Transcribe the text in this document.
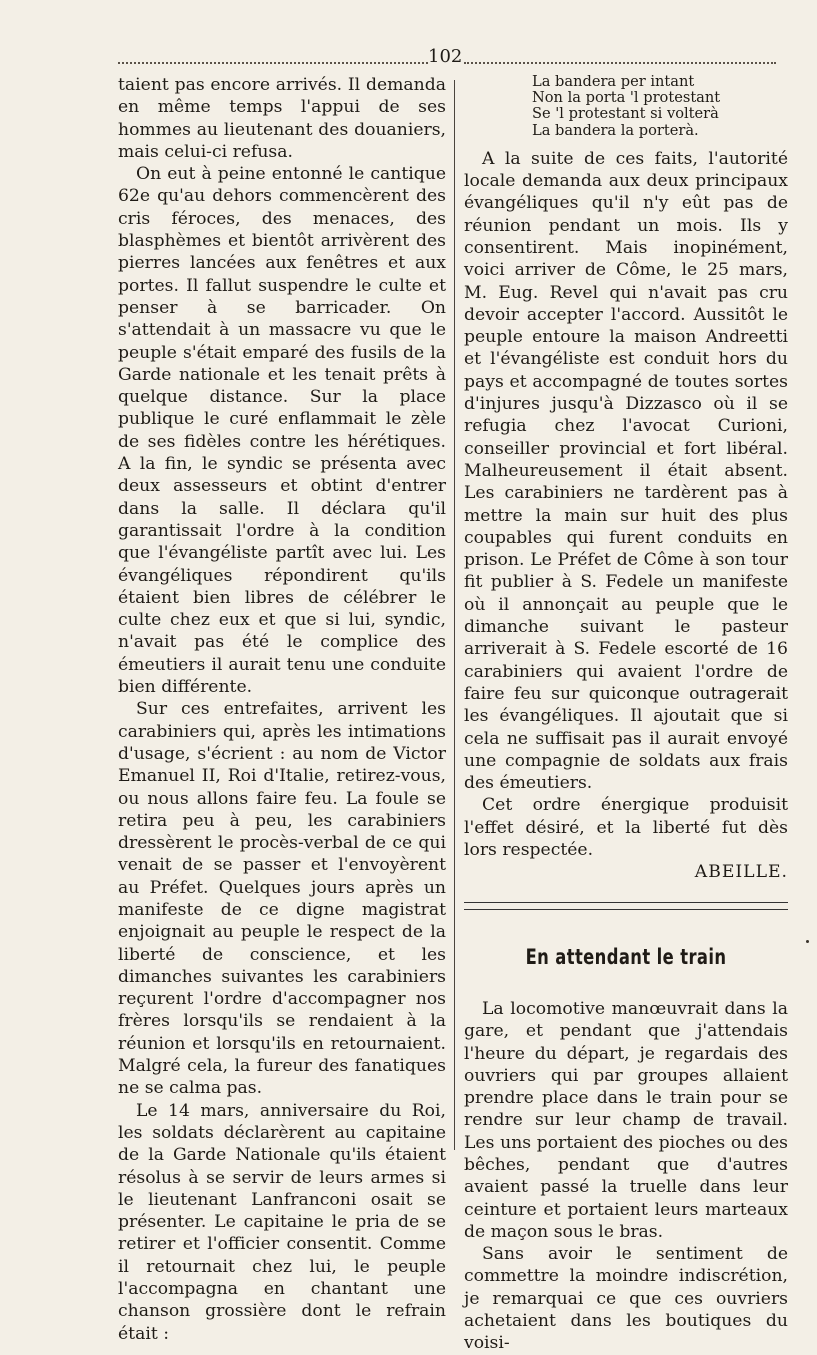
102

taient pas encore arrivés. Il demanda en même temps l'appui de ses hommes au lieutenant des douaniers, mais celui-ci refusa.

On eut à peine entonné le cantique 62e qu'au dehors commencèrent des cris féroces, des menaces, des blasphèmes et bientôt arrivèrent des pierres lancées aux fenêtres et aux portes. Il fallut suspendre le culte et penser à se barricader. On s'attendait à un massacre vu que le peuple s'était emparé des fusils de la Garde nationale et les tenait prêts à quelque distance. Sur la place publique le curé enflammait le zèle de ses fidèles contre les hérétiques. A la fin, le syndic se présenta avec deux assesseurs et obtint d'entrer dans la salle. Il déclara qu'il garantissait l'ordre à la condition que l'évangéliste partît avec lui. Les évangéliques répondirent qu'ils étaient bien libres de célébrer le culte chez eux et que si lui, syndic, n'avait pas été le complice des émeutiers il aurait tenu une conduite bien différente.

Sur ces entrefaites, arrivent les carabiniers qui, après les intimations d'usage, s'écrient : au nom de Victor Emanuel II, Roi d'Italie, retirez-vous, ou nous allons faire feu. La foule se retira peu à peu, les carabiniers dressèrent le procès-verbal de ce qui venait de se passer et l'envoyèrent au Préfet. Quelques jours après un manifeste de ce digne magistrat enjoignait au peuple le respect de la liberté de conscience, et les dimanches suivantes les carabiniers reçurent l'ordre d'accompagner nos frères lorsqu'ils se rendaient à la réunion et lorsqu'ils en retournaient. Malgré cela, la fureur des fanatiques ne se calma pas.

Le 14 mars, anniversaire du Roi, les soldats déclarèrent au capitaine de la Garde Nationale qu'ils étaient résolus à se servir de leurs armes si le lieutenant Lanfranconi osait se présenter. Le capitaine le pria de se retirer et l'officier consentit. Comme il retournait chez lui, le peuple l'accompagna en chantant une chanson grossière dont le refrain était :

La bandera per intant
Non la porta 'l protestant
Se 'l protestant si volterà
La bandera la porterà.

A la suite de ces faits, l'autorité locale demanda aux deux principaux évangéliques qu'il n'y eût pas de réunion pendant un mois. Ils y consentirent. Mais inopinément, voici arriver de Côme, le 25 mars, M. Eug. Revel qui n'avait pas cru devoir accepter l'accord. Aussitôt le peuple entoure la maison Andreetti et l'évangéliste est conduit hors du pays et accompagné de toutes sortes d'injures jusqu'à Dizzasco où il se refugia chez l'avocat Curioni, conseiller provincial et fort libéral. Malheureusement il était absent. Les carabiniers ne tardèrent pas à mettre la main sur huit des plus coupables qui furent conduits en prison. Le Préfet de Côme à son tour fit publier à S. Fedele un manifeste où il annonçait au peuple que le dimanche suivant le pasteur arriverait à S. Fedele escorté de 16 carabiniers qui avaient l'ordre de faire feu sur quiconque outragerait les évangéliques. Il ajoutait que si cela ne suffisait pas il aurait envoyé une compagnie de soldats aux frais des émeutiers.

Cet ordre énergique produisit l'effet désiré, et la liberté fut dès lors respectée.

ABEILLE.
En attendant le train

La locomotive manœuvrait dans la gare, et pendant que j'attendais l'heure du départ, je regardais des ouvriers qui par groupes allaient prendre place dans le train pour se rendre sur leur champ de travail. Les uns portaient des pioches ou des bêches, pendant que d'autres avaient passé la truelle dans leur ceinture et portaient leurs marteaux de maçon sous le bras.

Sans avoir le sentiment de commettre la moindre indiscrétion, je remarquai ce que ces ouvriers achetaient dans les boutiques du voisi-
